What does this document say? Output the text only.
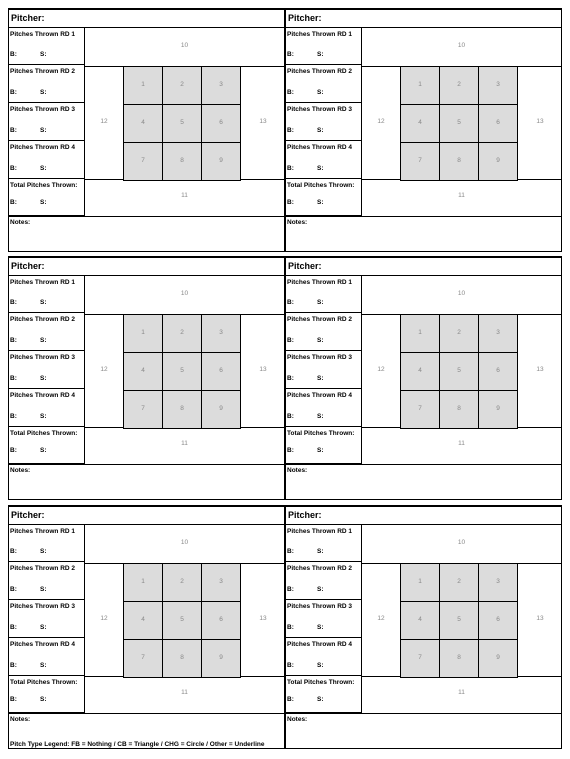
Pitcher:
Pitches Thrown RD 1
B:	S:
Pitches Thrown RD 2
B:	S:
Pitches Thrown RD 3
B:	S:
Pitches Thrown RD 4
B:	S:
Total Pitches Thrown:
B:	S:
10
11
12	13
1	2	3
4	5	6
7	8	9
Notes:
Pitcher:
Pitches Thrown RD 1
B:	S:
Pitches Thrown RD 2
B:	S:
Pitches Thrown RD 3
B:	S:
Pitches Thrown RD 4
B:	S:
Total Pitches Thrown:
B:	S:
10
11
12	13
1	2	3
4	5	6
7	8	9
Notes:
Pitcher:
Pitches Thrown RD 1
B:	S:
Pitches Thrown RD 2
B:	S:
Pitches Thrown RD 3
B:	S:
Pitches Thrown RD 4
B:	S:
Total Pitches Thrown:
B:	S:
10
11
12	13
1	2	3
4	5	6
7	8	9
Notes:
Pitcher:
Pitches Thrown RD 1
B:	S:
Pitches Thrown RD 2
B:	S:
Pitches Thrown RD 3
B:	S:
Pitches Thrown RD 4
B:	S:
Total Pitches Thrown:
B:	S:
10
11
12	13
1	2	3
4	5	6
7	8	9
Notes:
Pitcher:
Pitches Thrown RD 1
B:	S:
Pitches Thrown RD 2
B:	S:
Pitches Thrown RD 3
B:	S:
Pitches Thrown RD 4
B:	S:
Total Pitches Thrown:
B:	S:
10
11
12	13
1	2	3
4	5	6
7	8	9
Notes:
Pitcher:
Pitches Thrown RD 1
B:	S:
Pitches Thrown RD 2
B:	S:
Pitches Thrown RD 3
B:	S:
Pitches Thrown RD 4
B:	S:
Total Pitches Thrown:
B:	S:
10
11
12	13
1	2	3
4	5	6
7	8	9
Notes:
Pitch Type Legend: FB = Nothing / CB = Triangle / CHG = Circle / Other = Underline
